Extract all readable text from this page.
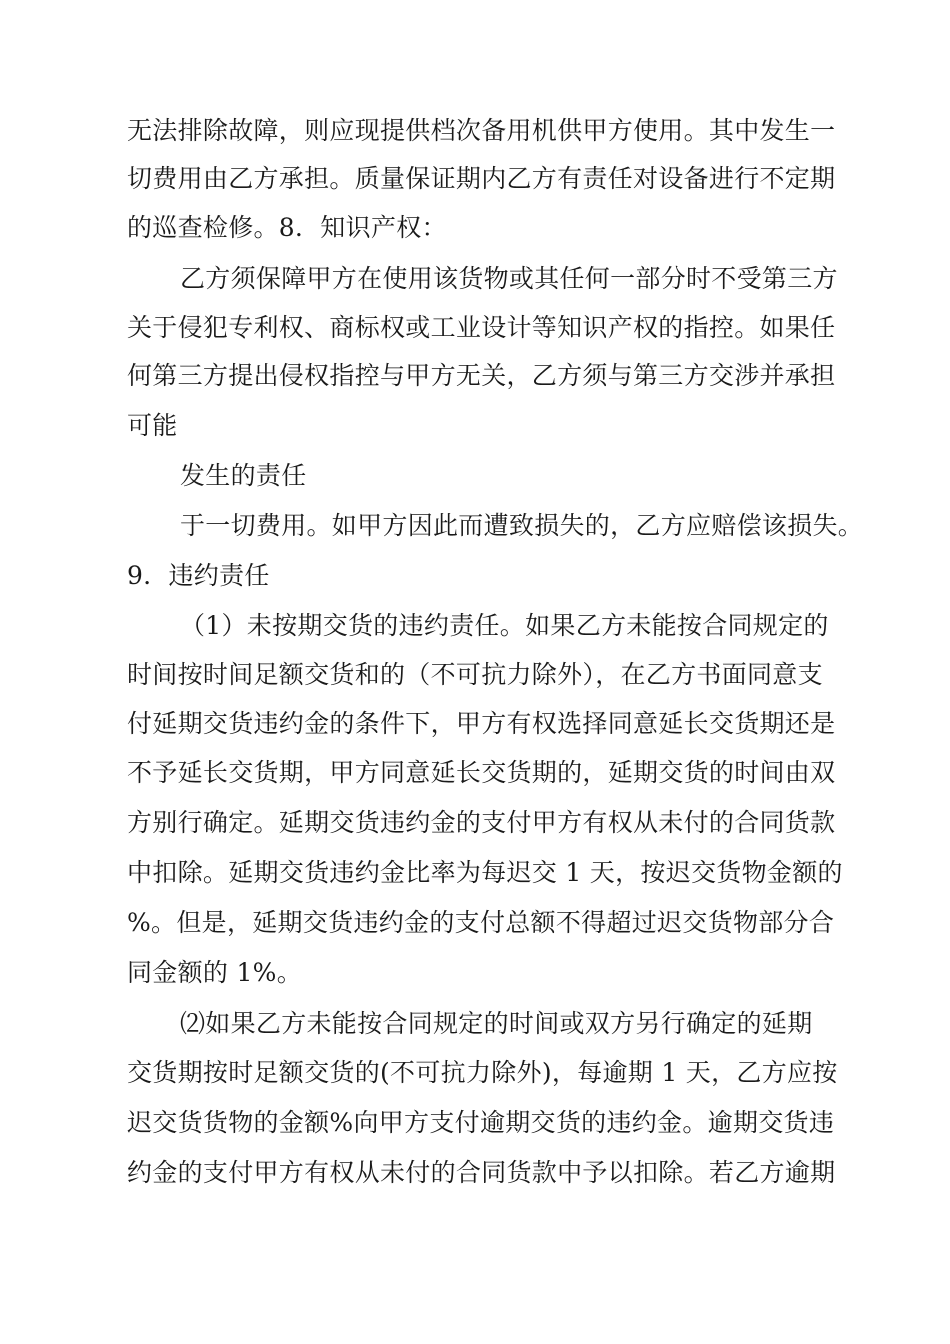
无法排除故障，则应现提供档次备用机供甲方使用。其中发生一
切费用由乙方承担。质量保证期内乙方有责任对设备进行不定期
的巡查检修。8．知识产权：
乙方须保障甲方在使用该货物或其任何一部分时不受第三方
关于侵犯专利权、商标权或工业设计等知识产权的指控。如果任
何第三方提出侵权指控与甲方无关，乙方须与第三方交涉并承担
可能
发生的责任
于一切费用。如甲方因此而遭致损失的，乙方应赔偿该损失。
9．违约责任
（1）未按期交货的违约责任。如果乙方未能按合同规定的
时间按时间足额交货和的（不可抗力除外），在乙方书面同意支
付延期交货违约金的条件下，甲方有权选择同意延长交货期还是
不予延长交货期，甲方同意延长交货期的，延期交货的时间由双
方别行确定。延期交货违约金的支付甲方有权从未付的合同货款
中扣除。延期交货违约金比率为每迟交 1 天，按迟交货物金额的
%。但是，延期交货违约金的支付总额不得超过迟交货物部分合
同金额的 1%。
⑵如果乙方未能按合同规定的时间或双方另行确定的延期
交货期按时足额交货的(不可抗力除外)，每逾期 1 天，乙方应按
迟交货货物的金额%向甲方支付逾期交货的违约金。逾期交货违
约金的支付甲方有权从未付的合同货款中予以扣除。若乙方逾期
